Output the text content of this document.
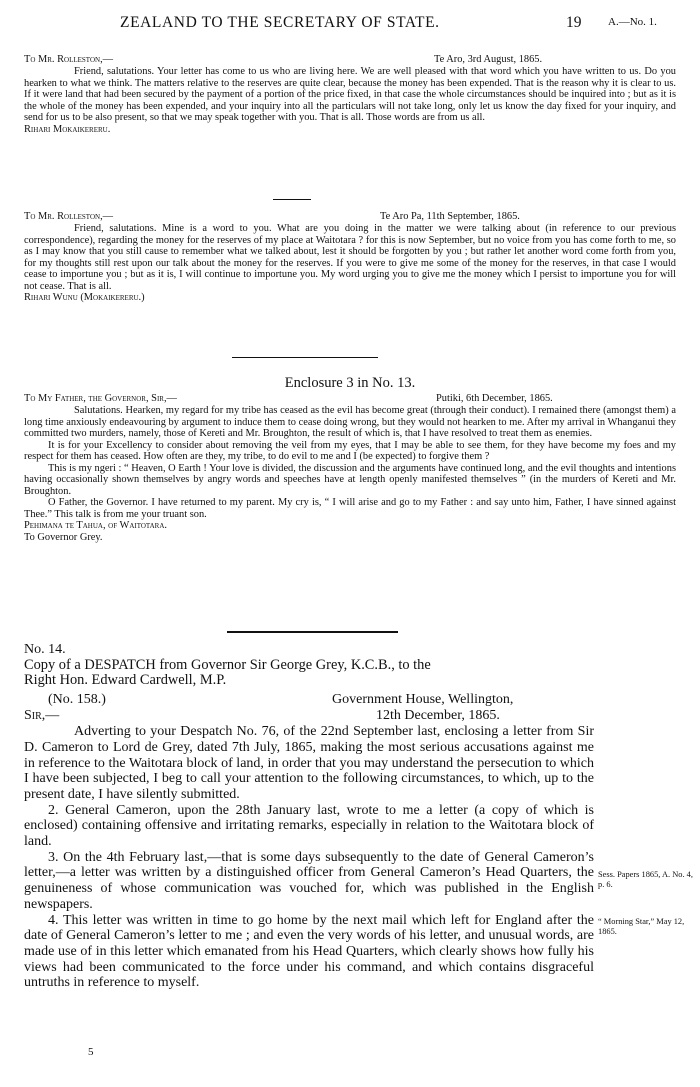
ZEALAND TO THE SECRETARY OF STATE.	19 A.—No. 1.
To Mr. Rolleston,—	Te Aro, 3rd August, 1865.

Friend, salutations. Your letter has come to us who are living here. We are well pleased with that word which you have written to us. Do you hearken to what we think. The matters relative to the reserves are quite clear, because the money has been expended. That is the reason why it is clear to us. If it were land that had been secured by the payment of a portion of the price fixed, in that case the whole circumstances should be inquired into ; but as it is the whole of the money has been expended, and your inquiry into all the particulars will not take long, only let us know the day fixed for your inquiry, and send for us to be also present, so that we may speak together with you. That is all. Those words are from us all.

Rihari Mokaikereru.

To Mr. Rolleston,—	Te Aro Pa, 11th September, 1865.

Friend, salutations. Mine is a word to you. What are you doing in the matter we were talking about (in reference to our previous correspondence), regarding the money for the reserves of my place at Waitotara ? for this is now September, but no voice from you has come forth to me, so as I may know that you still cause to remember what we talked about, lest it should be forgotten by you ; but rather let another word come forth from you, for my thoughts still rest upon our talk about the money for the reserves. If you were to give me some of the money for the reserves, in that case I would cease to importune you ; but as it is, I will continue to importune you. My word urging you to give me the money which I persist to importune you for will not cease. That is all.

Rihari Wunu (Mokaikereru.)

Enclosure 3 in No. 13.
To My Father, the Governor, Sir,—	Putiki, 6th December, 1865.

Salutations. Hearken, my regard for my tribe has ceased as the evil has become great (through their conduct). I remained there (amongst them) a long time anxiously endeavouring by argument to induce them to cease doing wrong, but they would not hearken to me. After my arrival in Whanganui they committed two murders, namely, those of Kereti and Mr. Broughton, the result of which is, that I have resolved to treat them as enemies.

It is for your Excellency to consider about removing the veil from my eyes, that I may be able to see them, for they have become my foes and my respect for them has ceased. How often are they, my tribe, to do evil to me and I (be expected) to forgive them ?

This is my ngeri : “ Heaven, O Earth ! Your love is divided, the discussion and the arguments have continued long, and the evil thoughts and intentions having occasionally shown themselves by angry words and speeches have at length openly manifested themselves ” (in the murders of Kereti and Mr. Broughton.

O Father, the Governor. I have returned to my parent. My cry is, “ I will arise and go to my Father : and say unto him, Father, I have sinned against Thee.” This talk is from me your truant son.

Pehimana te Tahua, of Waitotara.

To Governor Grey.

No. 14.

Copy of a DESPATCH from Governor Sir George Grey, K.C.B., to the

Right Hon. Edward Cardwell, M.P.

(No. 158.)	Government House, Wellington,
Sir,—	12th December, 1865.

Adverting to your Despatch No. 76, of the 22nd September last, enclosing a letter from Sir D. Cameron to Lord de Grey, dated 7th July, 1865, making the most serious accusations against me in reference to the Waitotara block of land, in order that you may understand the persecution to which I have been subjected, I beg to call your attention to the following circumstances, to which, up to the present date, I have silently submitted.

2. General Cameron, upon the 28th January last, wrote to me a letter (a copy of which is enclosed) containing offensive and irritating remarks, especially in relation to the Waitotara block of land.

3. On the 4th February last,—that is some days subsequently to the date of General Cameron’s letter,—a letter was written by a distinguished officer from General Cameron’s Head Quarters, the genuineness of whose communication was vouched for, which was published in the English newspapers.

4. This letter was written in time to go home by the next mail which left for England after the date of General Cameron’s letter to me ; and even the very words of his letter, and unusual words, are made use of in this letter which emanated from his Head Quarters, which clearly shows how fully his views had been communicated to the force under his command, and which contains disgraceful untruths in reference to myself.

Sess. Papers 1865, A. No. 4, p. 6.
“ Morning Star,” May 12, 1865.
5
